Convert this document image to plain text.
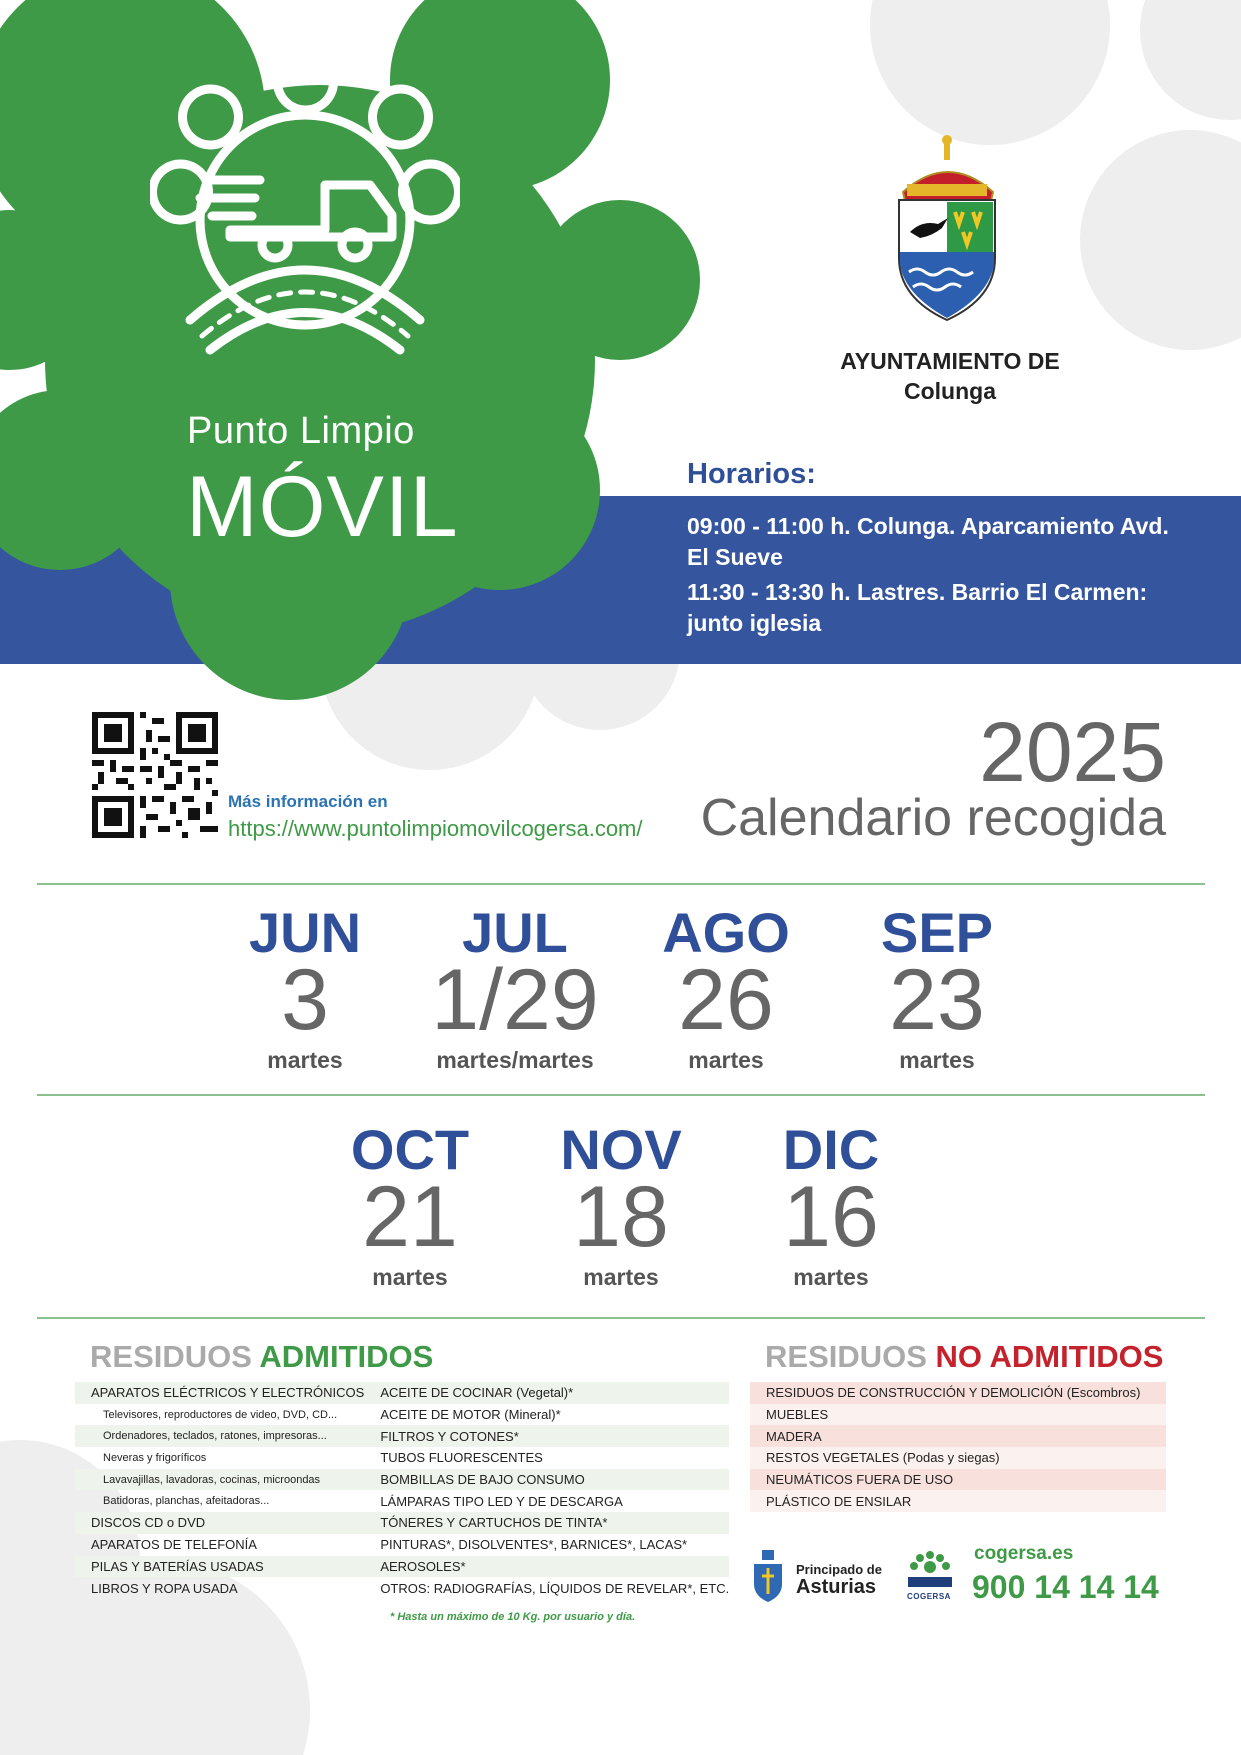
Punto Limpio
MÓVIL
AYUNTAMIENTO DE
Colunga
Horarios:
09:00 - 11:00 h. Colunga. Aparcamiento Avd.
El Sueve
11:30 - 13:30 h. Lastres. Barrio El Carmen:
junto iglesia
Más información en
https://www.puntolimpiomovilcogersa.com/
2025
Calendario recogida
JUN
3
martes
JUL
1/29
martes/martes
AGO
26
martes
SEP
23
martes
OCT
21
martes
NOV
18
martes
DIC
16
martes
RESIDUOS ADMITIDOS
APARATOS ELÉCTRICOS Y ELECTRÓNICOS	ACEITE DE COCINAR (Vegetal)*
Televisores, reproductores de video, DVD, CD...	ACEITE DE MOTOR (Mineral)*
Ordenadores, teclados, ratones, impresoras...	FILTROS Y COTONES*
Neveras y frigoríficos	TUBOS FLUORESCENTES
Lavavajillas, lavadoras, cocinas, microondas	BOMBILLAS DE BAJO CONSUMO
Batidoras, planchas, afeitadoras...	LÁMPARAS TIPO LED Y DE DESCARGA
DISCOS CD o DVD	TÓNERES Y CARTUCHOS DE TINTA*
APARATOS DE TELEFONÍA	PINTURAS*, DISOLVENTES*, BARNICES*, LACAS*
PILAS Y BATERÍAS USADAS	AEROSOLES*
LIBROS Y ROPA USADA	OTROS: RADIOGRAFÍAS, LÍQUIDOS DE REVELAR*, ETC.
* Hasta un máximo de 10 Kg. por usuario y día.
RESIDUOS NO ADMITIDOS
RESIDUOS DE CONSTRUCCIÓN Y DEMOLICIÓN (Escombros)
MUEBLES
MADERA
RESTOS VEGETALES (Podas y siegas)
NEUMÁTICOS FUERA DE USO
PLÁSTICO DE ENSILAR
Principado de
Asturias	COGERSA
cogersa.es
900 14 14 14
